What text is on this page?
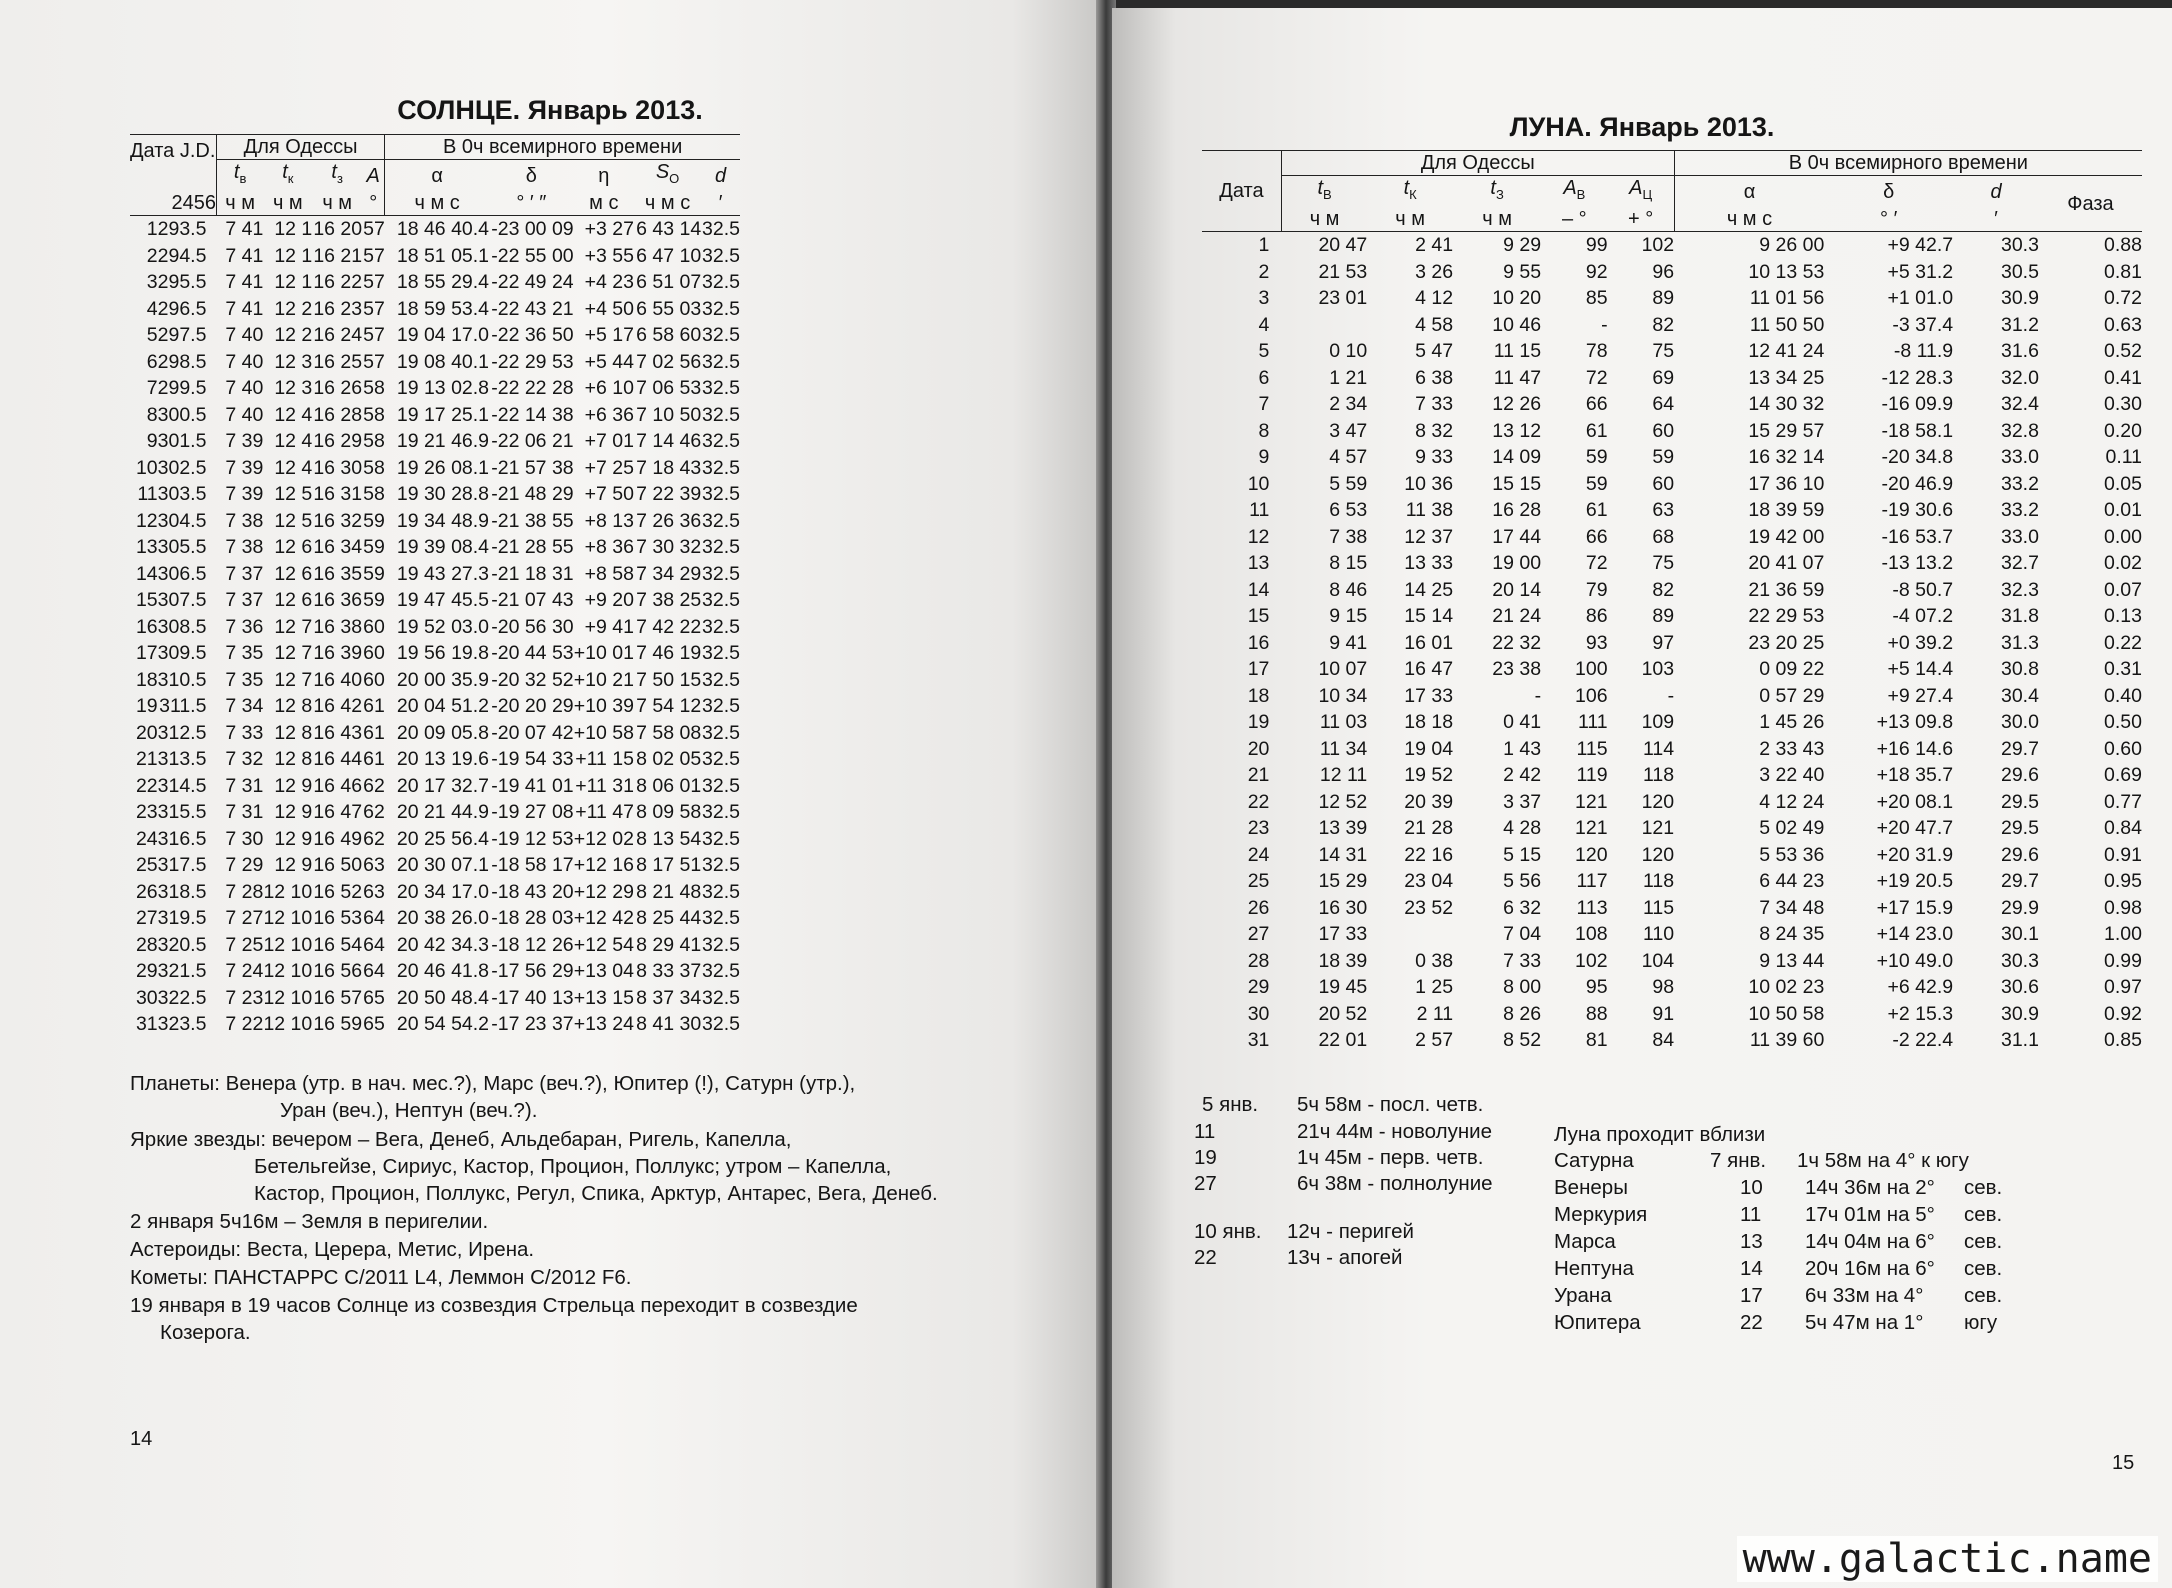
СОЛНЦЕ. Январь 2013.
Дата J.D.		Для Одессы				В 0ч всемирного времени				
		$t_в$	$t_к$	$t_з$	A	α	δ	η	$S_O$	d
2456		ч м	ч м	ч м	°	ч м с	° ′ ″	м с	ч м с	′
1	293.5	7 41	12 1	16 20	57	18 46 40.4	-23 00 09	+3 27	6 43 14	32.5
2	294.5	7 41	12 1	16 21	57	18 51 05.1	-22 55 00	+3 55	6 47 10	32.5
3	295.5	7 41	12 1	16 22	57	18 55 29.4	-22 49 24	+4 23	6 51 07	32.5
4	296.5	7 41	12 2	16 23	57	18 59 53.4	-22 43 21	+4 50	6 55 03	32.5
5	297.5	7 40	12 2	16 24	57	19 04 17.0	-22 36 50	+5 17	6 58 60	32.5
6	298.5	7 40	12 3	16 25	57	19 08 40.1	-22 29 53	+5 44	7 02 56	32.5
7	299.5	7 40	12 3	16 26	58	19 13 02.8	-22 22 28	+6 10	7 06 53	32.5
8	300.5	7 40	12 4	16 28	58	19 17 25.1	-22 14 38	+6 36	7 10 50	32.5
9	301.5	7 39	12 4	16 29	58	19 21 46.9	-22 06 21	+7 01	7 14 46	32.5
10	302.5	7 39	12 4	16 30	58	19 26 08.1	-21 57 38	+7 25	7 18 43	32.5
11	303.5	7 39	12 5	16 31	58	19 30 28.8	-21 48 29	+7 50	7 22 39	32.5
12	304.5	7 38	12 5	16 32	59	19 34 48.9	-21 38 55	+8 13	7 26 36	32.5
13	305.5	7 38	12 6	16 34	59	19 39 08.4	-21 28 55	+8 36	7 30 32	32.5
14	306.5	7 37	12 6	16 35	59	19 43 27.3	-21 18 31	+8 58	7 34 29	32.5
15	307.5	7 37	12 6	16 36	59	19 47 45.5	-21 07 43	+9 20	7 38 25	32.5
16	308.5	7 36	12 7	16 38	60	19 52 03.0	-20 56 30	+9 41	7 42 22	32.5
17	309.5	7 35	12 7	16 39	60	19 56 19.8	-20 44 53	+10 01	7 46 19	32.5
18	310.5	7 35	12 7	16 40	60	20 00 35.9	-20 32 52	+10 21	7 50 15	32.5
19	311.5	7 34	12 8	16 42	61	20 04 51.2	-20 20 29	+10 39	7 54 12	32.5
20	312.5	7 33	12 8	16 43	61	20 09 05.8	-20 07 42	+10 58	7 58 08	32.5
21	313.5	7 32	12 8	16 44	61	20 13 19.6	-19 54 33	+11 15	8 02 05	32.5
22	314.5	7 31	12 9	16 46	62	20 17 32.7	-19 41 01	+11 31	8 06 01	32.5
23	315.5	7 31	12 9	16 47	62	20 21 44.9	-19 27 08	+11 47	8 09 58	32.5
24	316.5	7 30	12 9	16 49	62	20 25 56.4	-19 12 53	+12 02	8 13 54	32.5
25	317.5	7 29	12 9	16 50	63	20 30 07.1	-18 58 17	+12 16	8 17 51	32.5
26	318.5	7 28	12 10	16 52	63	20 34 17.0	-18 43 20	+12 29	8 21 48	32.5
27	319.5	7 27	12 10	16 53	64	20 38 26.0	-18 28 03	+12 42	8 25 44	32.5
28	320.5	7 25	12 10	16 54	64	20 42 34.3	-18 12 26	+12 54	8 29 41	32.5
29	321.5	7 24	12 10	16 56	64	20 46 41.8	-17 56 29	+13 04	8 33 37	32.5
30	322.5	7 23	12 10	16 57	65	20 50 48.4	-17 40 13	+13 15	8 37 34	32.5
31	323.5	7 22	12 10	16 59	65	20 54 54.2	-17 23 37	+13 24	8 41 30	32.5
Планеты: Венера (утр. в нач. мес.?), Марс (веч.?), Юпитер (!), Сатурн (утр.),
Уран (веч.), Нептун (веч.?).
Яркие звезды: вечером – Вега, Денеб, Альдебаран, Ригель, Капелла,
Бетельгейзе, Сириус, Кастор, Процион, Поллукс; утром – Капелла,
Кастор, Процион, Поллукс, Регул, Спика, Арктур, Антарес, Вега, Денеб.
2 января 5ч16м – Земля в перигелии.
Астероиды: Веста, Церера, Метис, Ирена.
Кометы: ПАНСТАРРС C/2011 L4, Леммон C/2012 F6.
19 января в 19 часов Солнце из созвездия Стрельца переходит в созвездие
Козерога.
14
ЛУНА. Январь 2013.
Дата	Для Одессы					В 0ч всемирного времени			
	$t_В$	$t_К$	$t_З$	$A_В$	$A_Ц$	α	δ	d	Фаза
	ч м	ч м	ч м	– °	+ °	ч м с	° ′	′	
1	20 47	2 41	9 29	99	102	9 26 00	+9 42.7	30.3	0.88
2	21 53	3 26	9 55	92	96	10 13 53	+5 31.2	30.5	0.81
3	23 01	4 12	10 20	85	89	11 01 56	+1 01.0	30.9	0.72
4		4 58	10 46	-	82	11 50 50	-3 37.4	31.2	0.63
5	0 10	5 47	11 15	78	75	12 41 24	-8 11.9	31.6	0.52
6	1 21	6 38	11 47	72	69	13 34 25	-12 28.3	32.0	0.41
7	2 34	7 33	12 26	66	64	14 30 32	-16 09.9	32.4	0.30
8	3 47	8 32	13 12	61	60	15 29 57	-18 58.1	32.8	0.20
9	4 57	9 33	14 09	59	59	16 32 14	-20 34.8	33.0	0.11
10	5 59	10 36	15 15	59	60	17 36 10	-20 46.9	33.2	0.05
11	6 53	11 38	16 28	61	63	18 39 59	-19 30.6	33.2	0.01
12	7 38	12 37	17 44	66	68	19 42 00	-16 53.7	33.0	0.00
13	8 15	13 33	19 00	72	75	20 41 07	-13 13.2	32.7	0.02
14	8 46	14 25	20 14	79	82	21 36 59	-8 50.7	32.3	0.07
15	9 15	15 14	21 24	86	89	22 29 53	-4 07.2	31.8	0.13
16	9 41	16 01	22 32	93	97	23 20 25	+0 39.2	31.3	0.22
17	10 07	16 47	23 38	100	103	0 09 22	+5 14.4	30.8	0.31
18	10 34	17 33	-	106	-	0 57 29	+9 27.4	30.4	0.40
19	11 03	18 18	0 41	111	109	1 45 26	+13 09.8	30.0	0.50
20	11 34	19 04	1 43	115	114	2 33 43	+16 14.6	29.7	0.60
21	12 11	19 52	2 42	119	118	3 22 40	+18 35.7	29.6	0.69
22	12 52	20 39	3 37	121	120	4 12 24	+20 08.1	29.5	0.77
23	13 39	21 28	4 28	121	121	5 02 49	+20 47.7	29.5	0.84
24	14 31	22 16	5 15	120	120	5 53 36	+20 31.9	29.6	0.91
25	15 29	23 04	5 56	117	118	6 44 23	+19 20.5	29.7	0.95
26	16 30	23 52	6 32	113	115	7 34 48	+17 15.9	29.9	0.98
27	17 33		7 04	108	110	8 24 35	+14 23.0	30.1	1.00
28	18 39	0 38	7 33	102	104	9 13 44	+10 49.0	30.3	0.99
29	19 45	1 25	8 00	95	98	10 02 23	+6 42.9	30.6	0.97
30	20 52	2 11	8 26	88	91	10 50 58	+2 15.3	30.9	0.92
31	22 01	2 57	8 52	81	84	11 39 60	-2 22.4	31.1	0.85
5 янв. 5ч 58м - посл. четв.
11	21ч 44м - новолуние
19	1ч 45м - перв. четв.
27	6ч 38м - полнолуние
10 янв. 12ч - перигей
22	13ч - апогей
Луна проходит вблизи
Сатурна	7 янв. 1ч 58м на 4° к югу
Венеры	10 14ч 36м на 2° сев.
Меркурия	11 17ч 01м на 5° сев.
Марса	13 14ч 04м на 6° сев.
Нептуна	14 20ч 16м на 6° сев.
Урана	17 6ч 33м на 4° сев.
Юпитера	22 5ч 47м на 1° югу
15
www.galactic.name
